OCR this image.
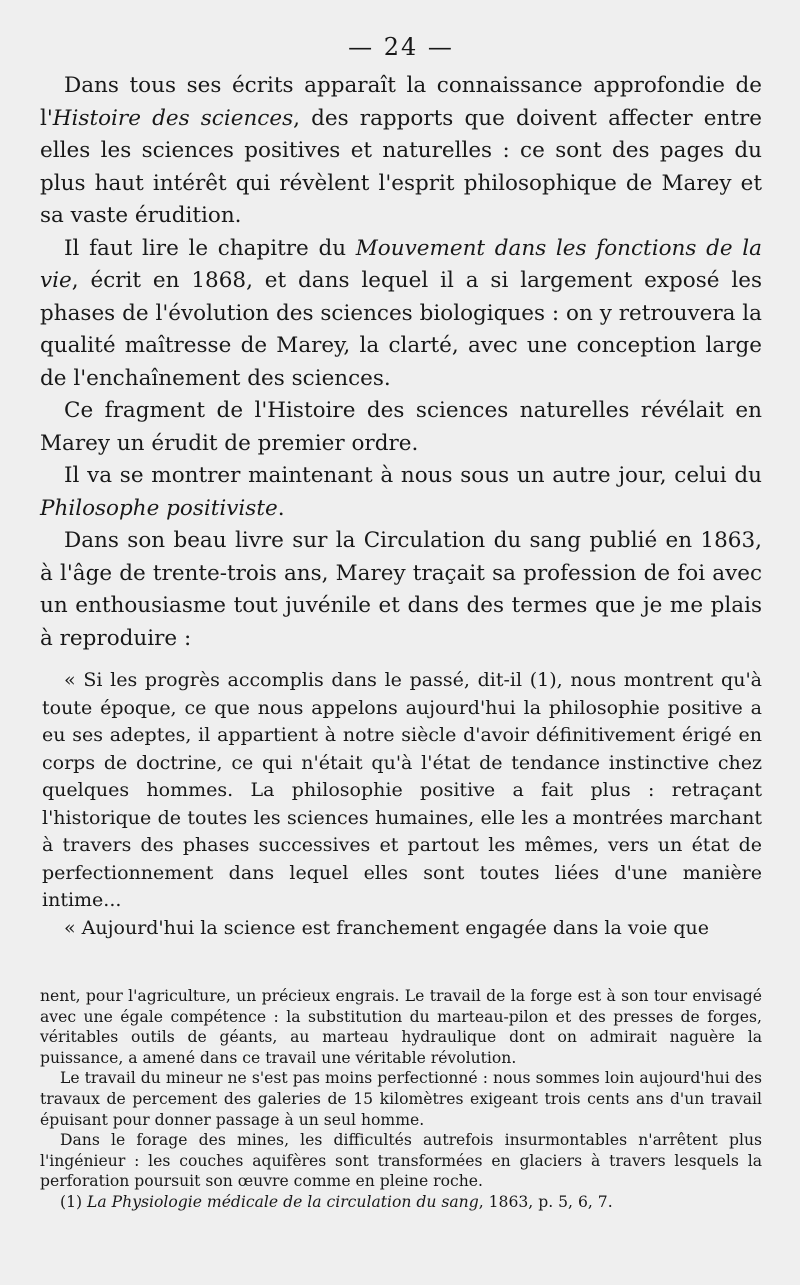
— 24 —

Dans tous ses écrits apparaît la connaissance approfondie de l'Histoire des sciences, des rapports que doivent affecter entre elles les sciences positives et naturelles : ce sont des pages du plus haut intérêt qui révèlent l'esprit philosophique de Marey et sa vaste érudition.

Il faut lire le chapitre du Mouvement dans les fonctions de la vie, écrit en 1868, et dans lequel il a si largement exposé les phases de l'évolution des sciences biologiques : on y retrouvera la qualité maîtresse de Marey, la clarté, avec une conception large de l'enchaînement des sciences.

Ce fragment de l'Histoire des sciences naturelles révélait en Marey un érudit de premier ordre.

Il va se montrer maintenant à nous sous un autre jour, celui du Philosophe positiviste.

Dans son beau livre sur la Circulation du sang publié en 1863, à l'âge de trente-trois ans, Marey traçait sa profession de foi avec un enthousiasme tout juvénile et dans des termes que je me plais à reproduire :

« Si les progrès accomplis dans le passé, dit-il (1), nous montrent qu'à toute époque, ce que nous appelons aujourd'hui la philosophie positive a eu ses adeptes, il appartient à notre siècle d'avoir définitivement érigé en corps de doctrine, ce qui n'était qu'à l'état de tendance instinctive chez quelques hommes. La philosophie positive a fait plus : retraçant l'historique de toutes les sciences humaines, elle les a montrées marchant à travers des phases successives et partout les mêmes, vers un état de perfectionnement dans lequel elles sont toutes liées d'une manière intime...

« Aujourd'hui la science est franchement engagée dans la voie que

nent, pour l'agriculture, un précieux engrais. Le travail de la forge est à son tour envisagé avec une égale compétence : la substitution du marteau-pilon et des presses de forges, véritables outils de géants, au marteau hydraulique dont on admirait naguère la puissance, a amené dans ce travail une véritable révolution.

Le travail du mineur ne s'est pas moins perfectionné : nous sommes loin aujourd'hui des travaux de percement des galeries de 15 kilomètres exigeant trois cents ans d'un travail épuisant pour donner passage à un seul homme.

Dans le forage des mines, les difficultés autrefois insurmontables n'arrêtent plus l'ingénieur : les couches aquifères sont transformées en glaciers à travers lesquels la perforation poursuit son œuvre comme en pleine roche.

(1) La Physiologie médicale de la circulation du sang, 1863, p. 5, 6, 7.
